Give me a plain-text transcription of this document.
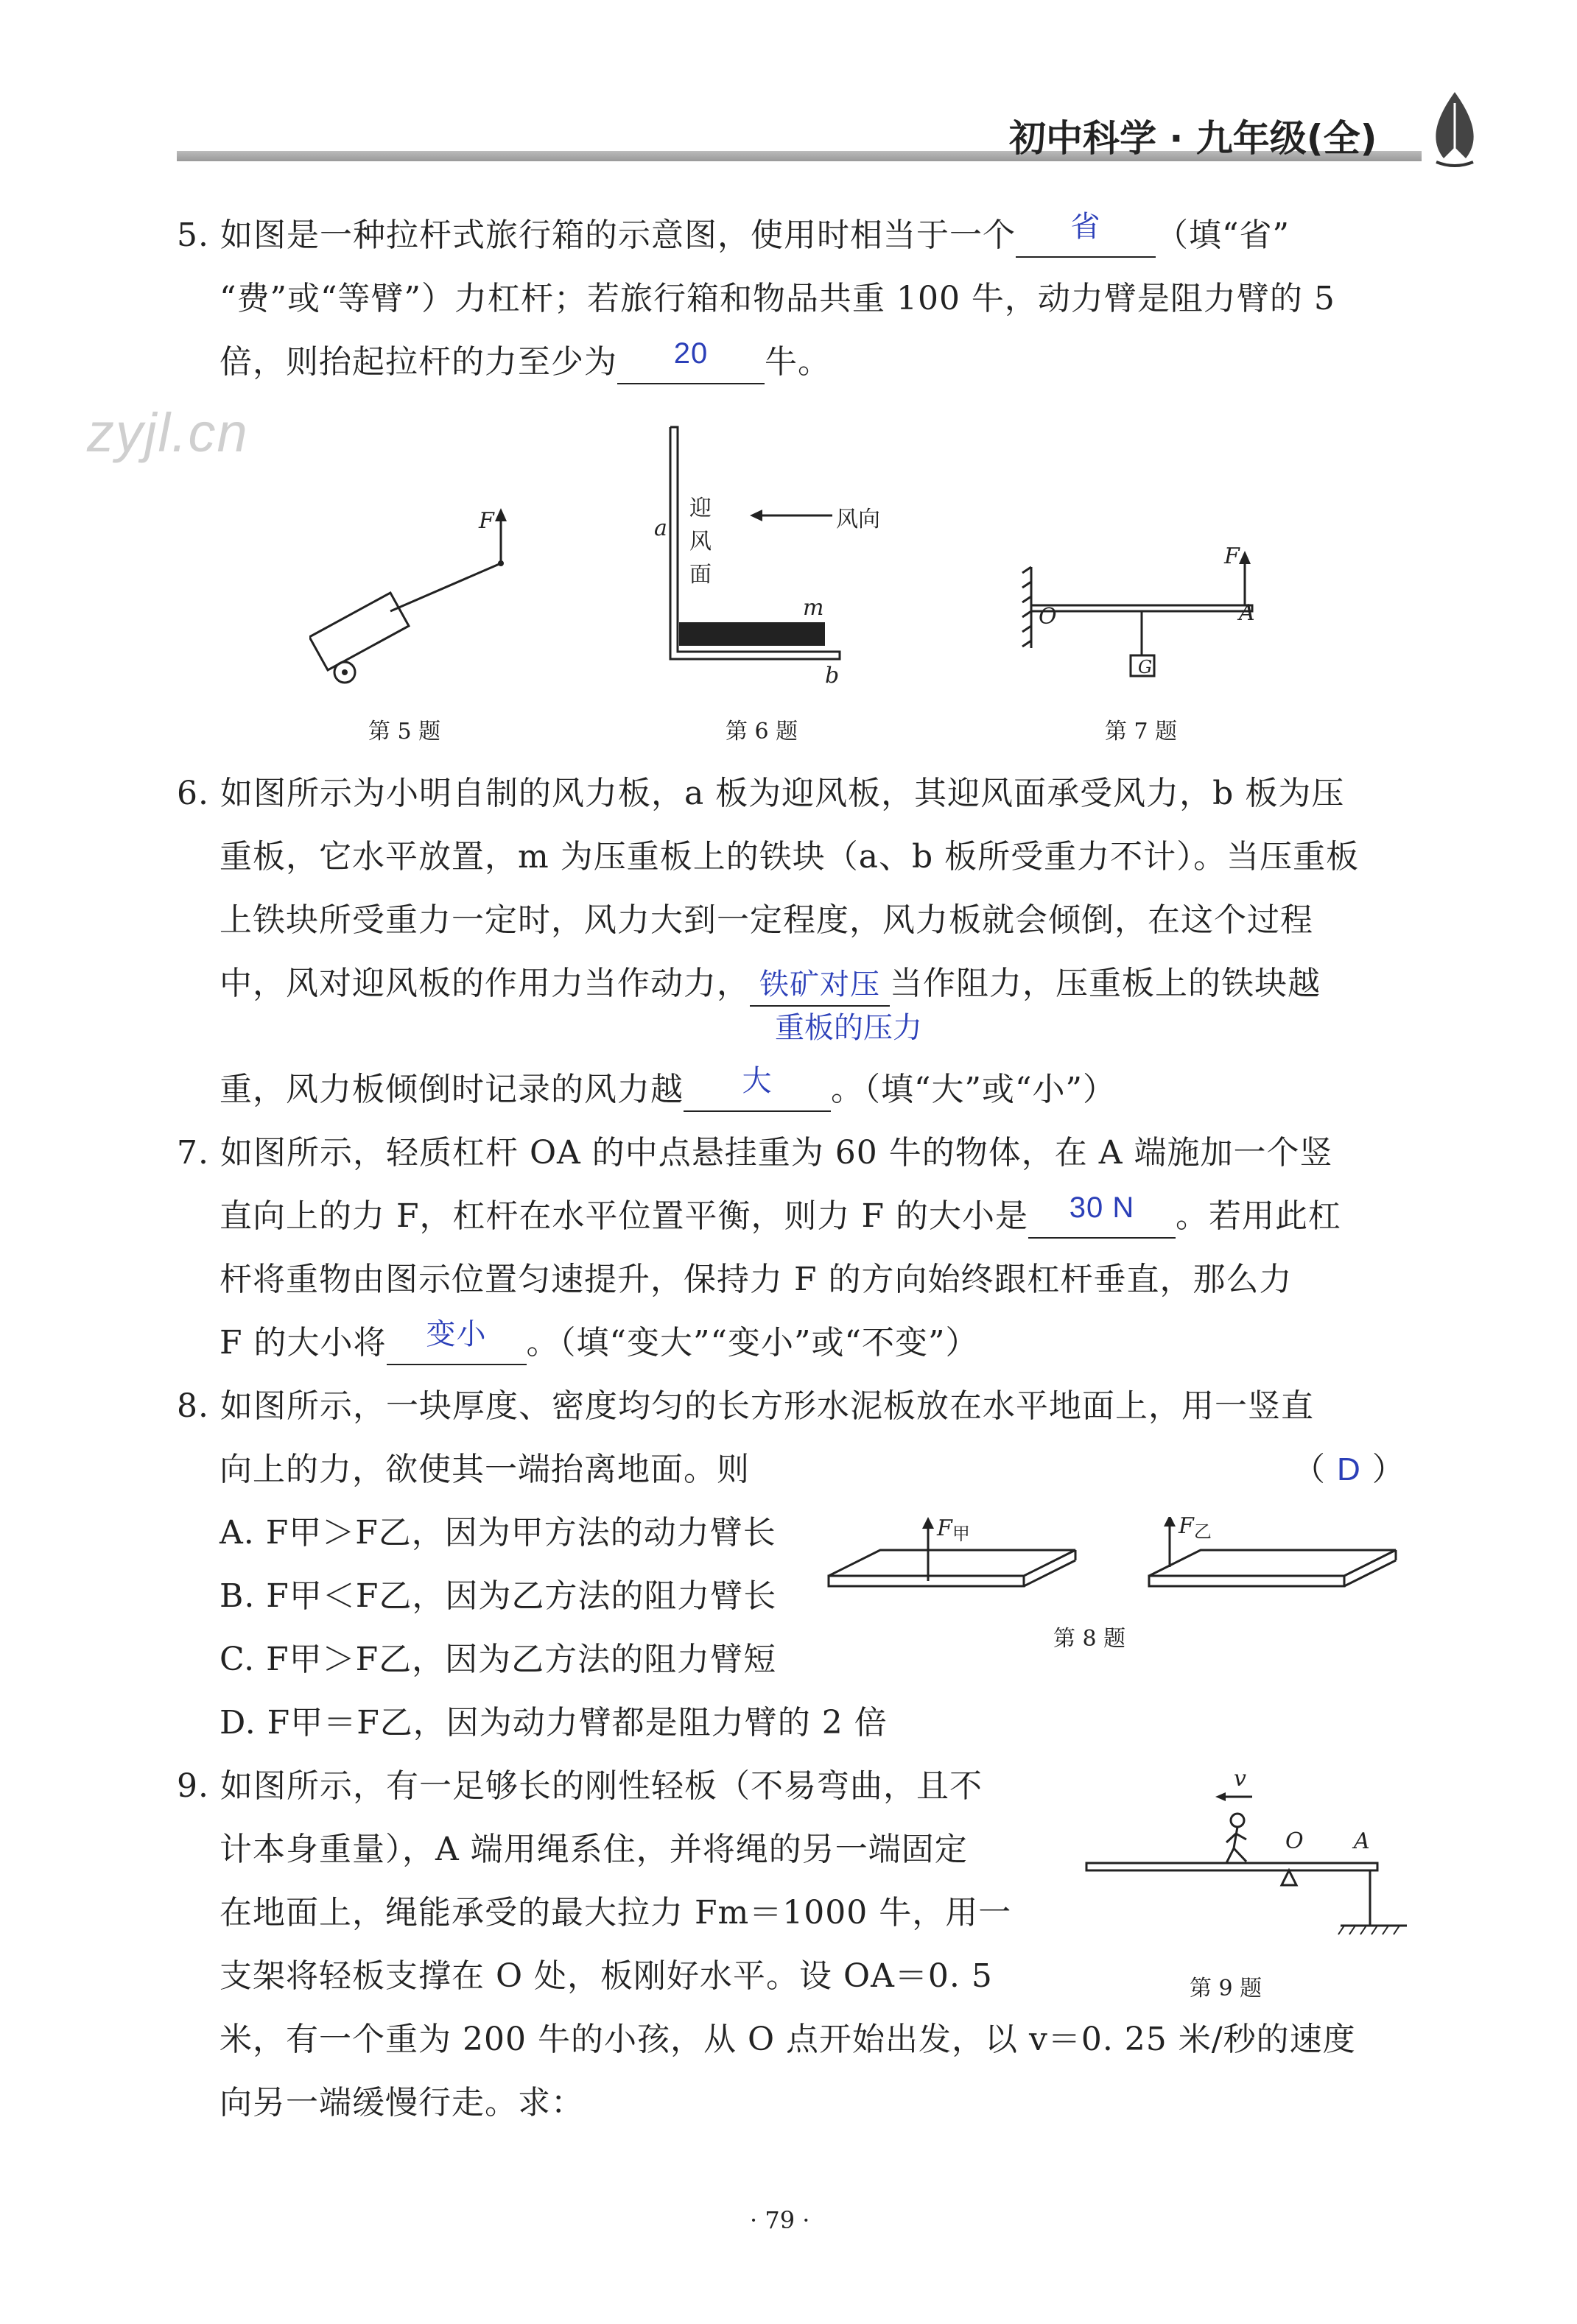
初中科学 · 九年级(全)
zyjl.cn
5. 如图是一种拉杆式旅行箱的示意图，使用时相当于一个	省	（填“省”
“费”或“等臂”）力杠杆；若旅行箱和物品共重 100 牛，动力臂是阻力臂的 5
倍，则抬起拉杆的力至少为	20	牛。
F
第 5 题
a
迎
风
面
风向
m
b
第 6 题
F
O	A
G
第 7 题
6. 如图所示为小明自制的风力板，a 板为迎风板，其迎风面承受风力，b 板为压
重板，它水平放置，m 为压重板上的铁块（a、b 板所受重力不计）。当压重板
上铁块所受重力一定时，风力大到一定程度，风力板就会倾倒，在这个过程
中，风对迎风板的作用力当作动力， 铁矿对压 当作阻力，压重板上的铁块越
重板的压力
重，风力板倾倒时记录的风力越	大	。（填“大”或“小”）
7. 如图所示，轻质杠杆 OA 的中点悬挂重为 60 牛的物体，在 A 端施加一个竖
直向上的力 F，杠杆在水平位置平衡，则力 F 的大小是	30 N	。若用此杠
杆将重物由图示位置匀速提升，保持力 F 的方向始终跟杠杆垂直，那么力
F 的大小将	变小	。（填“变大”“变小”或“不变”）
8. 如图所示，一块厚度、密度均匀的长方形水泥板放在水平地面上，用一竖直
向上的力，欲使其一端抬离地面。则	（ D ）
A. F甲＞F乙，因为甲方法的动力臂长
B. F甲＜F乙，因为乙方法的阻力臂长
C. F甲＞F乙，因为乙方法的阻力臂短
D. F甲＝F乙，因为动力臂都是阻力臂的 2 倍
$F_甲$	$F_乙$
第 8 题
9. 如图所示，有一足够长的刚性轻板（不易弯曲，且不
计本身重量），A 端用绳系住，并将绳的另一端固定
在地面上，绳能承受的最大拉力 Fm＝1000 牛，用一
支架将轻板支撑在 O 处，板刚好水平。设 OA＝0. 5
米，有一个重为 200 牛的小孩，从 O 点开始出发，以 v＝0. 25 米/秒的速度
向另一端缓慢行走。求：
v
O A
第 9 题
· 79 ·
